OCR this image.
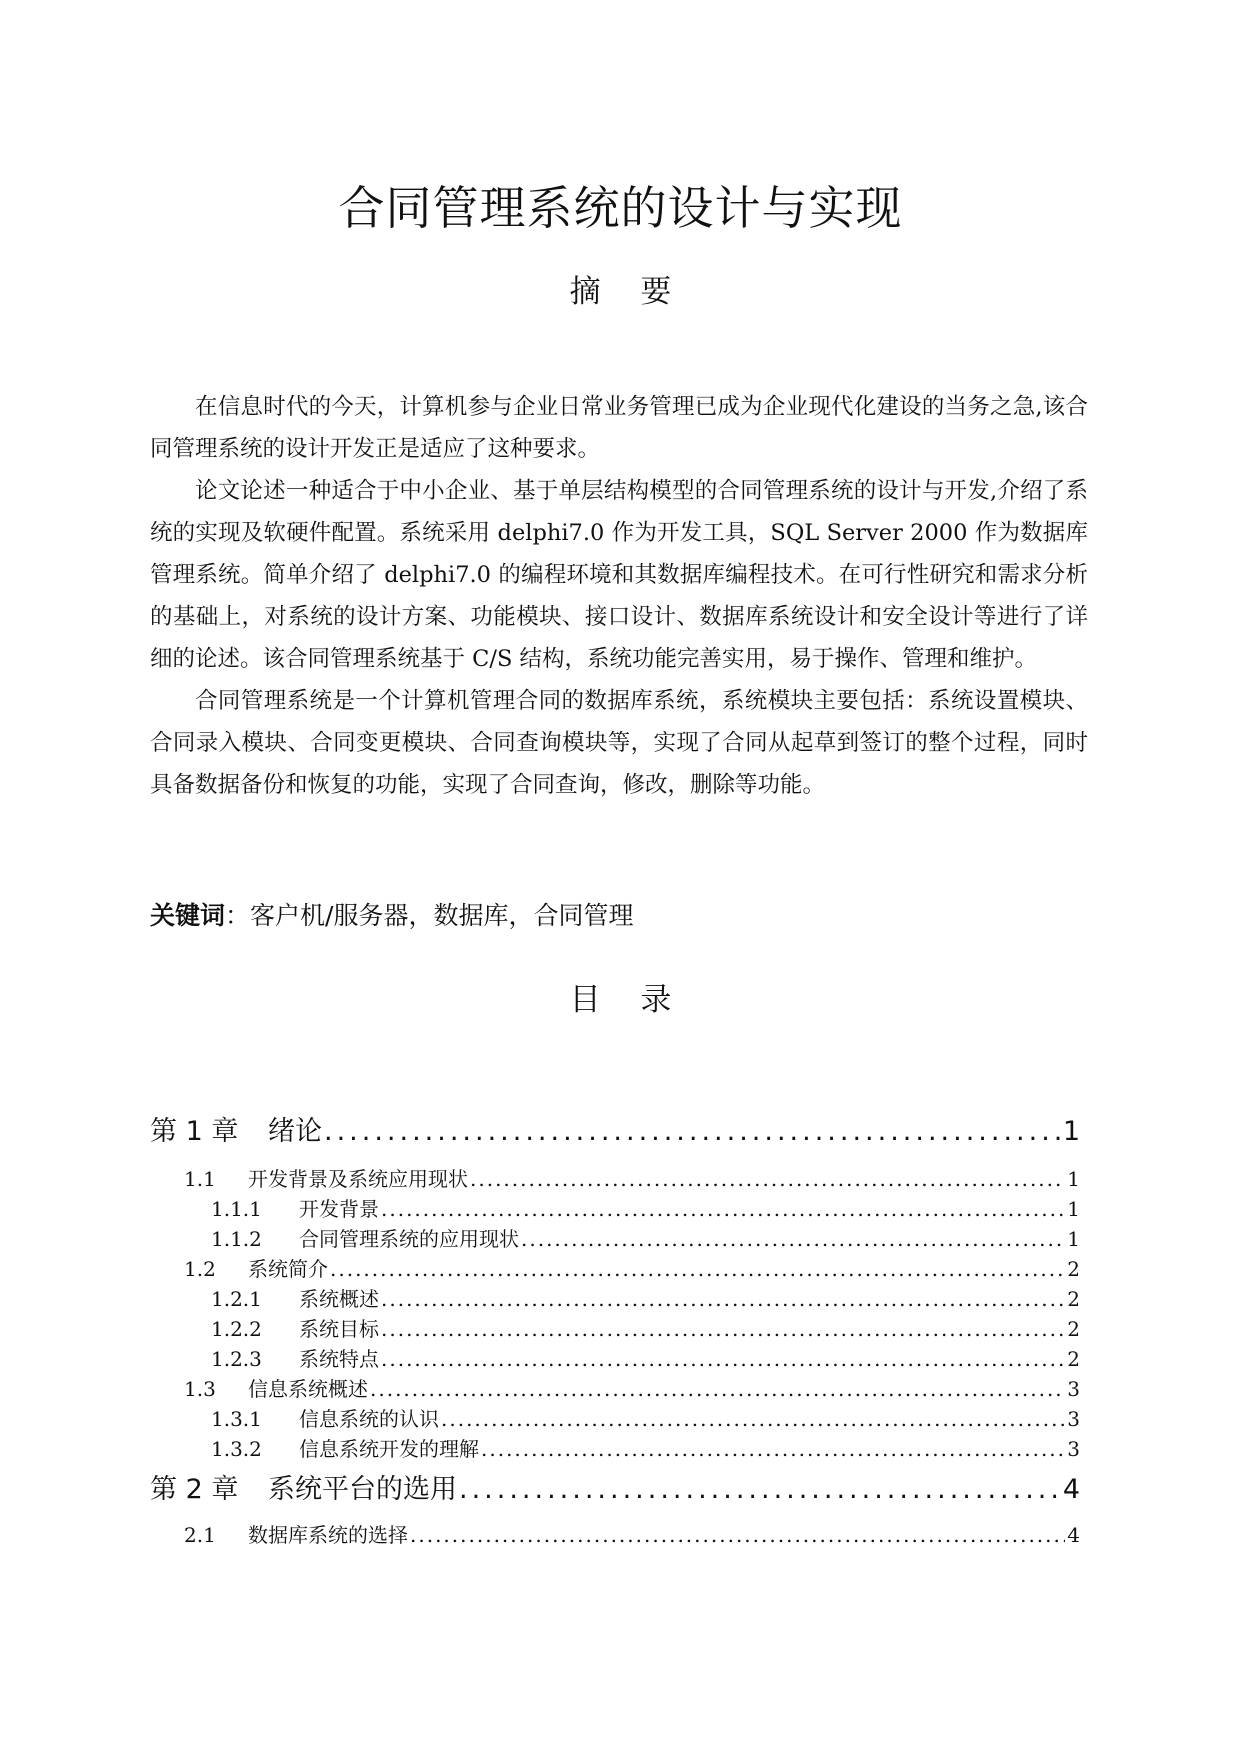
合同管理系统的设计与实现
摘 要

在信息时代的今天，计算机参与企业日常业务管理已成为企业现代化建设的当务之急,该合同管理系统的设计开发正是适应了这种要求。

论文论述一种适合于中小企业、基于单层结构模型的合同管理系统的设计与开发,介绍了系统的实现及软硬件配置。系统采用 delphi7.0 作为开发工具，SQL Server 2000 作为数据库管理系统。简单介绍了 delphi7.0 的编程环境和其数据库编程技术。在可行性研究和需求分析的基础上，对系统的设计方案、功能模块、接口设计、数据库系统设计和安全设计等进行了详细的论述。该合同管理系统基于 C/S 结构，系统功能完善实用，易于操作、管理和维护。

合同管理系统是一个计算机管理合同的数据库系统，系统模块主要包括：系统设置模块、合同录入模块、合同变更模块、合同查询模块等，实现了合同从起草到签订的整个过程，同时具备数据备份和恢复的功能，实现了合同查询，修改，删除等功能。

关键词：客户机/服务器，数据库，合同管理
目 录
第 1 章	绪论 .....	1
1.1	开发背景及系统应用现状 .....	1
1.1.1	开发背景 .....	1
1.1.2	合同管理系统的应用现状 .....	1
1.2	系统简介 .....	2
1.2.1	系统概述 .....	2
1.2.2	系统目标 .....	2
1.2.3	系统特点 .....	2
1.3	信息系统概述 .....	3
1.3.1	信息系统的认识 .....	3
1.3.2	信息系统开发的理解 .....	3
第 2 章	系统平台的选用 .....	4
2.1	数据库系统的选择 .....	4
